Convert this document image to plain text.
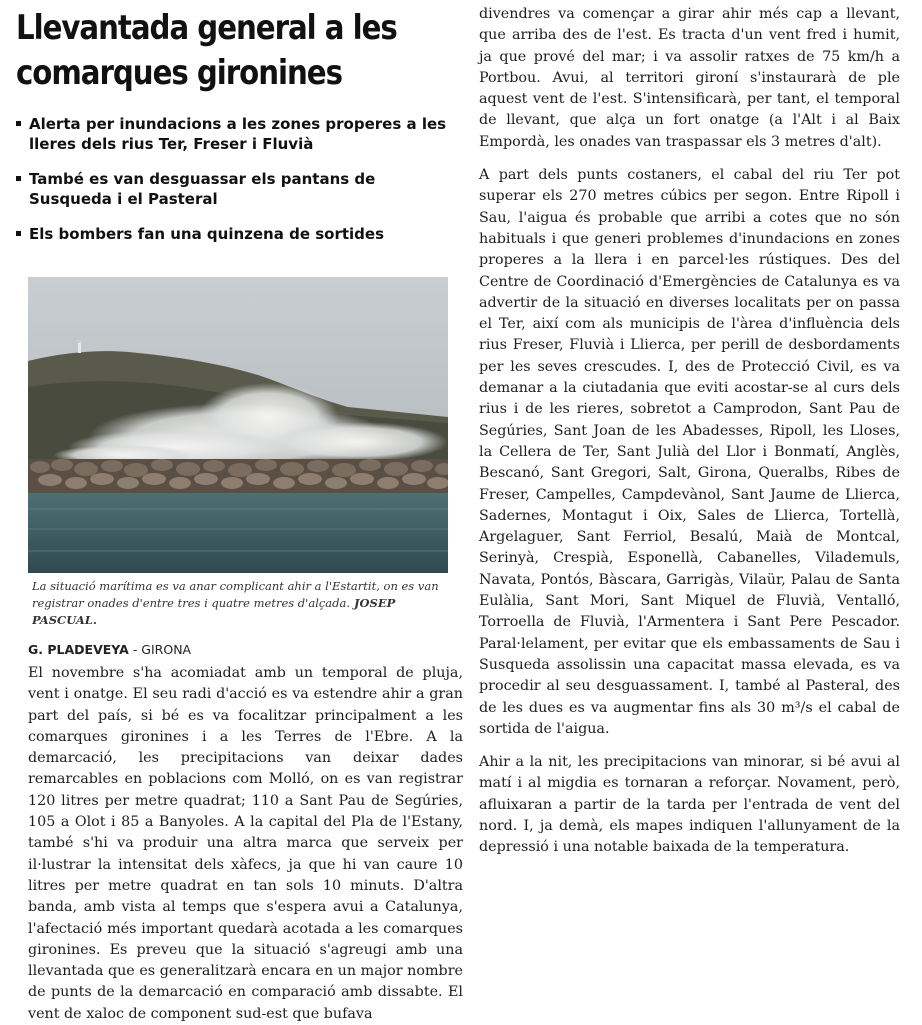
Llevantada general a les comarques gironines
Alerta per inundacions a les zones properes a les lleres dels rius Ter, Freser i Fluvià
També es van desguassar els pantans de Susqueda i el Pasteral
Els bombers fan una quinzena de sortides
La situació marítima es va anar complicant ahir a l'Estartit, on es van registrar onades d'entre tres i quatre metres d'alçada. JOSEP PASCUAL.
G. PLADEVEYA - GIRONA

El novembre s'ha acomiadat amb un temporal de pluja, vent i onatge. El seu radi d'acció es va estendre ahir a gran part del país, si bé es va focalitzar principalment a les comarques gironines i a les Terres de l'Ebre. A la demarcació, les precipitacions van deixar dades remarcables en poblacions com Molló, on es van registrar 120 litres per metre quadrat; 110 a Sant Pau de Segúries, 105 a Olot i 85 a Banyoles. A la capital del Pla de l'Estany, també s'hi va produir una altra marca que serveix per il·lustrar la intensitat dels xàfecs, ja que hi van caure 10 litres per metre quadrat en tan sols 10 minuts. D'altra banda, amb vista al temps que s'espera avui a Catalunya, l'afectació més important quedarà acotada a les comarques gironines. Es preveu que la situació s'agreugi amb una llevantada que es generalitzarà encara en un major nombre de punts de la demarcació en comparació amb dissabte. El vent de xaloc de component sud-est que bufava

divendres va començar a girar ahir més cap a llevant, que arriba des de l'est. Es tracta d'un vent fred i humit, ja que prové del mar; i va assolir ratxes de 75 km/h a Portbou. Avui, al territori gironí s'instaurarà de ple aquest vent de l'est. S'intensificarà, per tant, el temporal de llevant, que alça un fort onatge (a l'Alt i al Baix Empordà, les onades van traspassar els 3 metres d'alt).

A part dels punts costaners, el cabal del riu Ter pot superar els 270 metres cúbics per segon. Entre Ripoll i Sau, l'aigua és probable que arribi a cotes que no són habituals i que generi problemes d'inundacions en zones properes a la llera i en parcel·les rústiques. Des del Centre de Coordinació d'Emergències de Catalunya es va advertir de la situació en diverses localitats per on passa el Ter, així com als municipis de l'àrea d'influència dels rius Freser, Fluvià i Llierca, per perill de desbordaments per les seves crescudes. I, des de Protecció Civil, es va demanar a la ciutadania que eviti acostar-se al curs dels rius i de les rieres, sobretot a Camprodon, Sant Pau de Segúries, Sant Joan de les Abadesses, Ripoll, les Lloses, la Cellera de Ter, Sant Julià del Llor i Bonmatí, Anglès, Bescanó, Sant Gregori, Salt, Girona, Queralbs, Ribes de Freser, Campelles, Campdevànol, Sant Jaume de Llierca, Sadernes, Montagut i Oix, Sales de Llierca, Tortellà, Argelaguer, Sant Ferriol, Besalú, Maià de Montcal, Serinyà, Crespià, Esponellà, Cabanelles, Vilademuls, Navata, Pontós, Bàscara, Garrigàs, Vilaür, Palau de Santa Eulàlia, Sant Mori, Sant Miquel de Fluvià, Ventalló, Torroella de Fluvià, l'Armentera i Sant Pere Pescador. Paral·lelament, per evitar que els embassaments de Sau i Susqueda assolissin una capacitat massa elevada, es va procedir al seu desguassament. I, també al Pasteral, des de les dues es va augmentar fins als 30 m³/s el cabal de sortida de l'aigua.

Ahir a la nit, les precipitacions van minorar, si bé avui al matí i al migdia es tornaran a reforçar. Novament, però, afluixaran a partir de la tarda per l'entrada de vent del nord. I, ja demà, els mapes indiquen l'allunyament de la depressió i una notable baixada de la temperatura.
